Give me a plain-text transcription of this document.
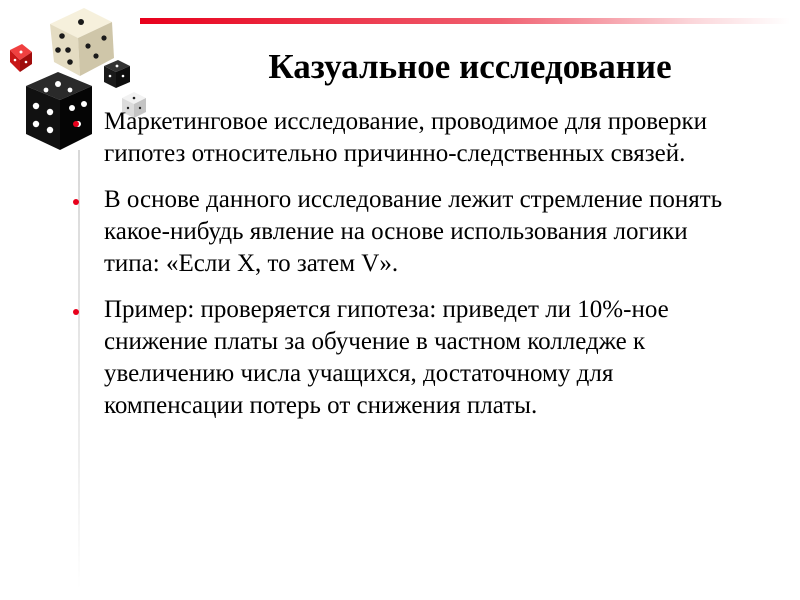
Казуальное исследование
Маркетинговое исследование, проводимое для проверки гипотез относительно причинно-следственных связей.
В основе данного исследование лежит стремление понять какое-нибудь явление на основе использования логики типа: «Если Х, то затем V».
Пример: проверяется гипотеза: приведет ли 10%-ное снижение платы за обучение в частном колледже к увеличению числа учащихся, достаточному для компенсации потерь от снижения платы.
